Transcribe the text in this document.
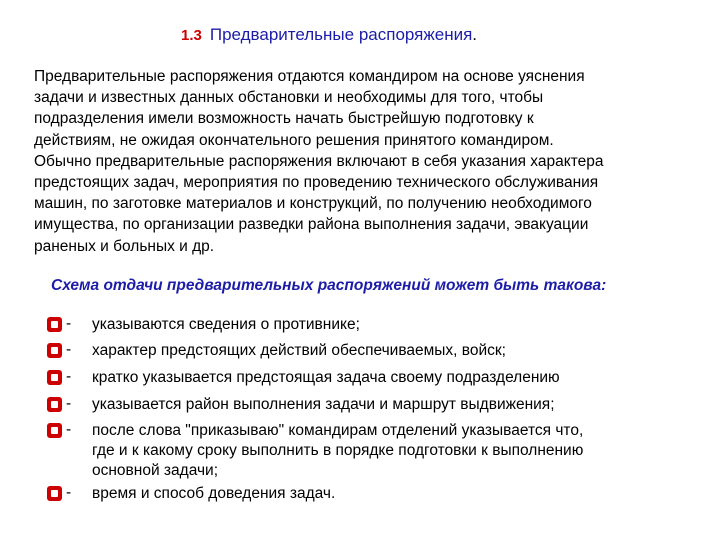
1.3 Предварительные распоряжения.

Предварительные распоряжения отдаются командиром на основе уяснения
задачи и известных данных обстановки и необходимы для того, чтобы
подразделения имели возможность начать быстрейшую подготовку к
действиям, не ожидая окончательного решения принятого командиром.
Обычно предварительные распоряжения включают в себя указания характера
предстоящих задач, мероприятия по проведению технического обслуживания
машин, по заготовке материалов и конструкций, по получению необходимого
имущества, по организации разведки района выполнения задачи, эвакуации
раненых и больных и др.

Схема отдачи предварительных распоряжений может быть такова:
- указываются сведения о противнике;
- характер предстоящих действий обеспечиваемых, войск;
- кратко указывается предстоящая задача своему подразделению
- указывается район выполнения задачи и маршрут выдвижения;
- после слова "приказываю" командирам отделений указывается что,
где и к какому сроку выполнить в порядке подготовки к выполнению
основной задачи;
- время и способ доведения задач.
